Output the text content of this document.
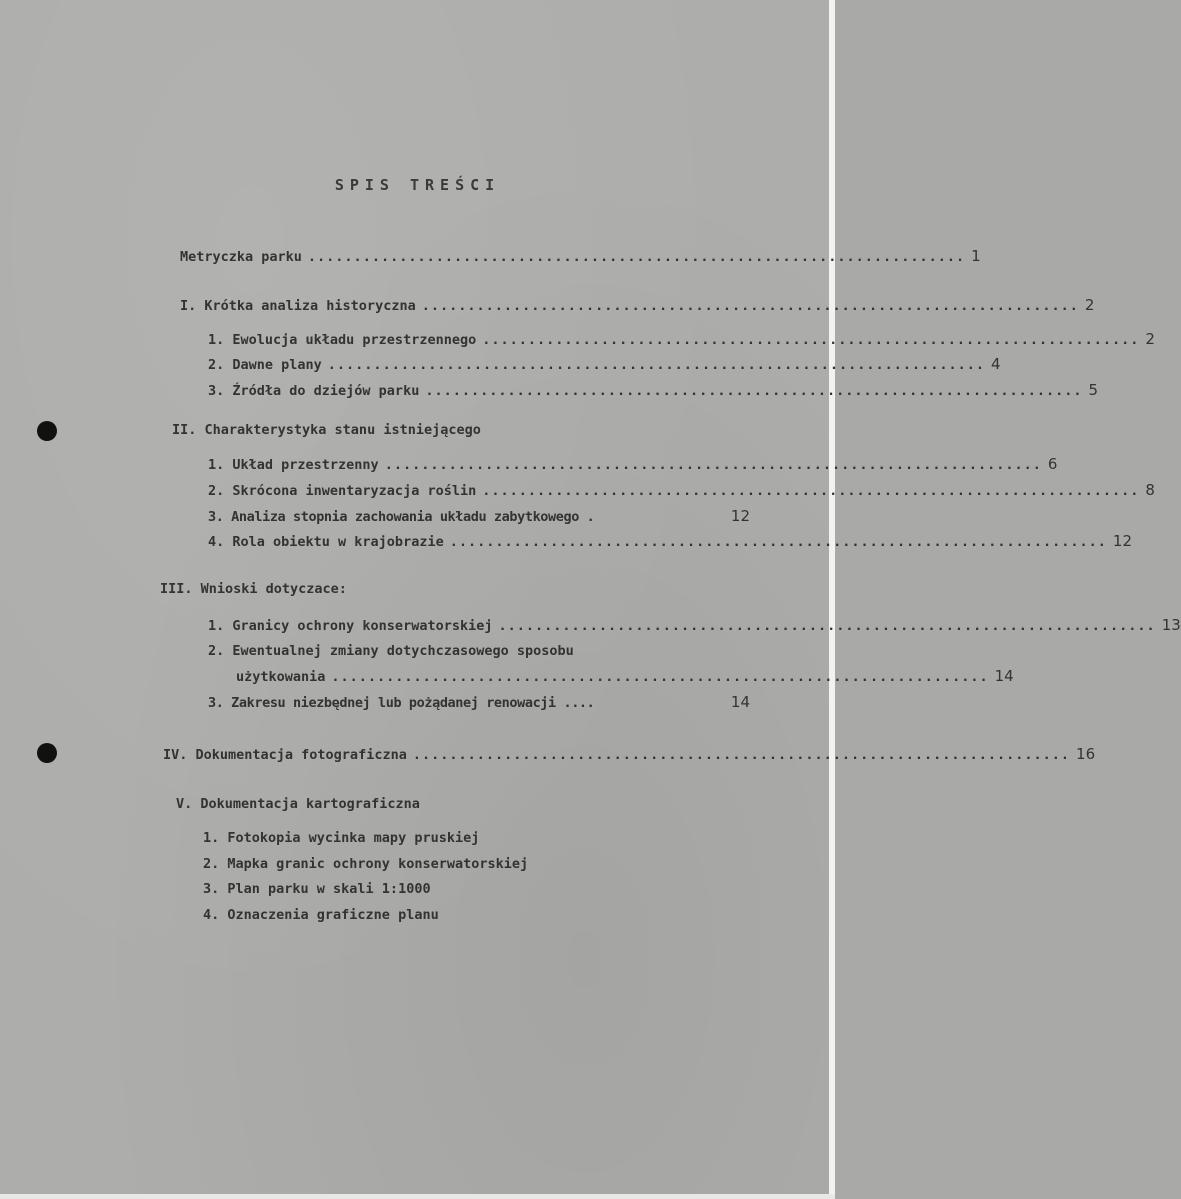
SPIS TREŚCI
Metryczka parku ........................................................................ 1
I. Krótka analiza historyczna ........................................................................ 2
1. Ewolucja układu przestrzennego ........................................................................ 2
2. Dawne plany ........................................................................ 4
3. Źródła do dziejów parku ........................................................................ 5
II. Charakterystyka stanu istniejącego
1. Układ przestrzenny ........................................................................ 6
2. Skrócona inwentaryzacja roślin ........................................................................ 8
3. Analiza stopnia zachowania układu zabytkowego .	12
4. Rola obiektu w krajobrazie ........................................................................ 12
III. Wnioski dotyczace:
1. Granicy ochrony konserwatorskiej ........................................................................ 13
2. Ewentualnej zmiany dotychczasowego sposobu
użytkowania ........................................................................ 14
3. Zakresu niezbędnej lub pożądanej renowacji ....	14
IV. Dokumentacja fotograficzna ........................................................................ 16
V. Dokumentacja kartograficzna
1. Fotokopia wycinka mapy pruskiej
2. Mapka granic ochrony konserwatorskiej
3. Plan parku w skali 1:1000
4. Oznaczenia graficzne planu
